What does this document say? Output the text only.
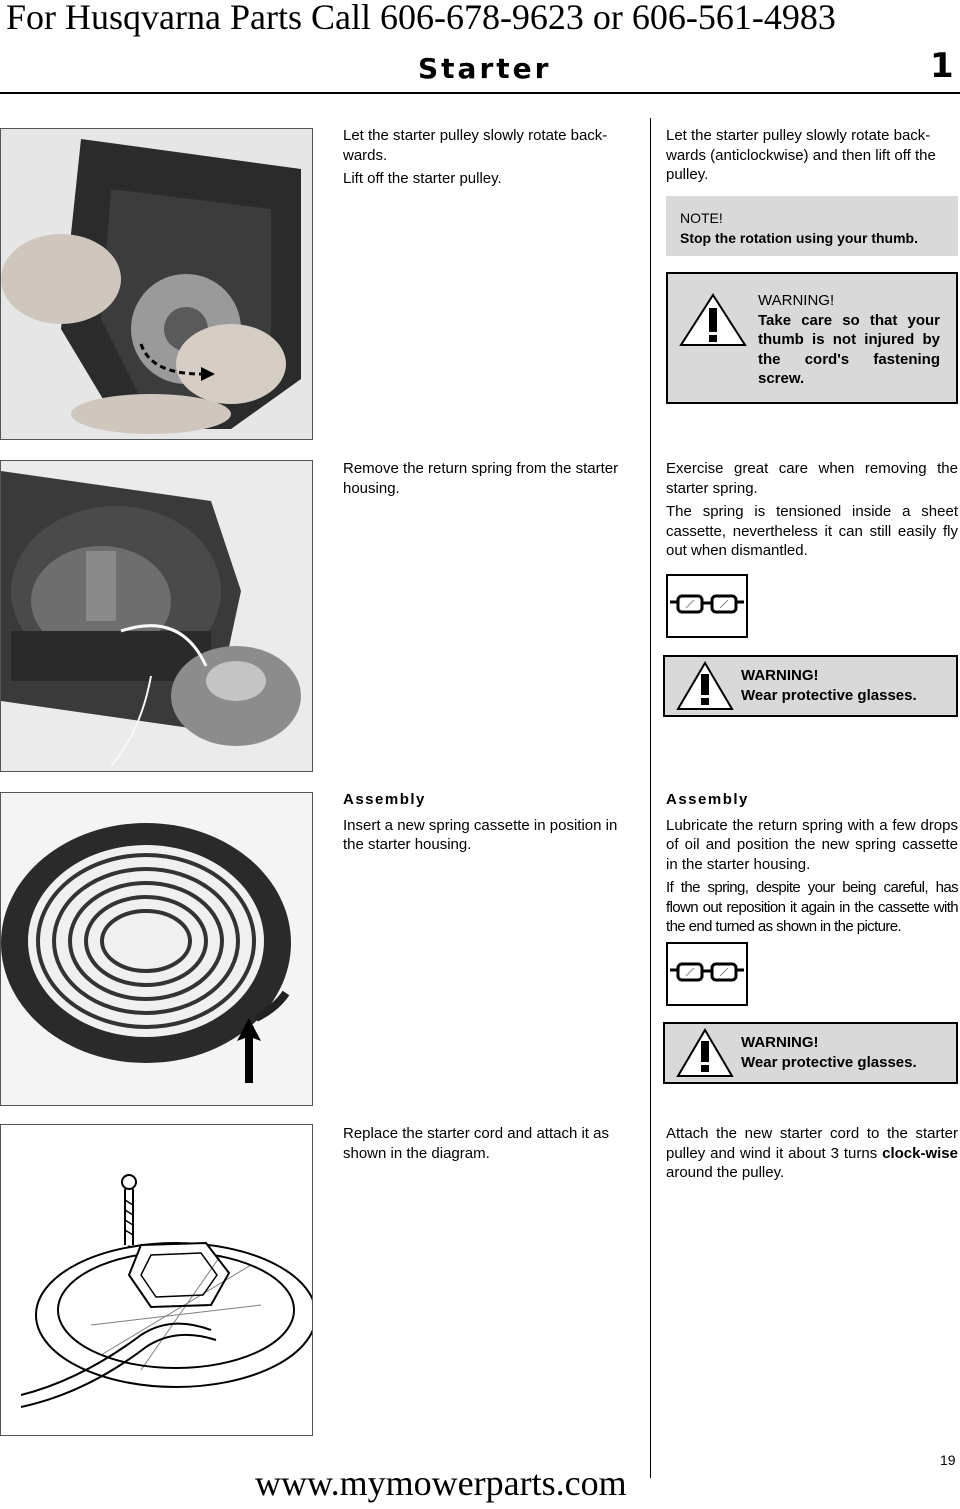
For Husqvarna Parts Call 606-678-9623 or 606-561-4983
Starter	1

Let the starter pulley slowly rotate back-wards.

Lift off the starter pulley.

Let the starter pulley slowly rotate back-wards (anticlockwise) and then lift off the pulley.

NOTE!
Stop the rotation using your thumb.
WARNING!
Take care so that your thumb is not injured by the cord's fastening screw.

Remove the return spring from the starter housing.

Exercise great care when removing the starter spring.

The spring is tensioned inside a sheet cassette, nevertheless it can still easily fly out when dismantled.

WARNING!
Wear protective glasses.

Assembly

Insert a new spring cassette in position in the starter housing.

Assembly

Lubricate the return spring with a few drops of oil and position the new spring cassette in the starter housing.

If the spring, despite your being careful, has flown out reposition it again in the cassette with the end turned as shown in the picture.

WARNING!
Wear protective glasses.

Replace the starter cord and attach it as shown in the diagram.

Attach the new starter cord to the starter pulley and wind it about 3 turns clock-wise around the pulley.

19
www.mymowerparts.com
